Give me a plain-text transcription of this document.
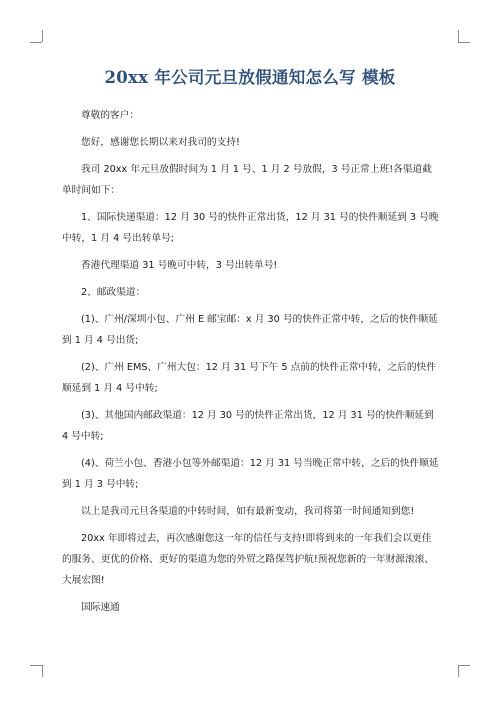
20xx 年公司元旦放假通知怎么写 模板

尊敬的客户：

您好，感谢您长期以来对我司的支持!

我司 20xx 年元旦放假时间为 1 月 1 号、1 月 2 号放假，3 号正常上班!各渠道截单时间如下：

1、国际快递渠道：12 月 30 号的快件正常出货，12 月 31 号的快件顺延到 3 号晚中转，1 月 4 号出转单号;

香港代理渠道 31 号晚可中转，3 号出转单号!

2、邮政渠道：

(1)、广州/深圳小包、广州 E 邮宝邮：x 月 30 号的快件正常中转，之后的快件顺延到 1 月 4 号出货;

(2)、广州 EMS、广州大包：12 月 31 号下午 5 点前的快件正常中转，之后的快件顺延到 1 月 4 号中转;

(3)、其他国内邮政渠道：12 月 30 号的快件正常出货，12 月 31 号的快件顺延到 4 号中转;

(4)、荷兰小包、香港小包等外邮渠道：12 月 31 号当晚正常中转，之后的快件顺延到 1 月 3 号中转;

以上是我司元旦各渠道的中转时间，如有最新变动，我司将第一时间通知到您!

20xx 年即将过去，再次感谢您这一年的信任与支持!即将到来的一年我们会以更佳的服务、更优的价格、更好的渠道为您的外贸之路保驾护航!预祝您新的一年财源滚滚、大展宏图!

国际速通
